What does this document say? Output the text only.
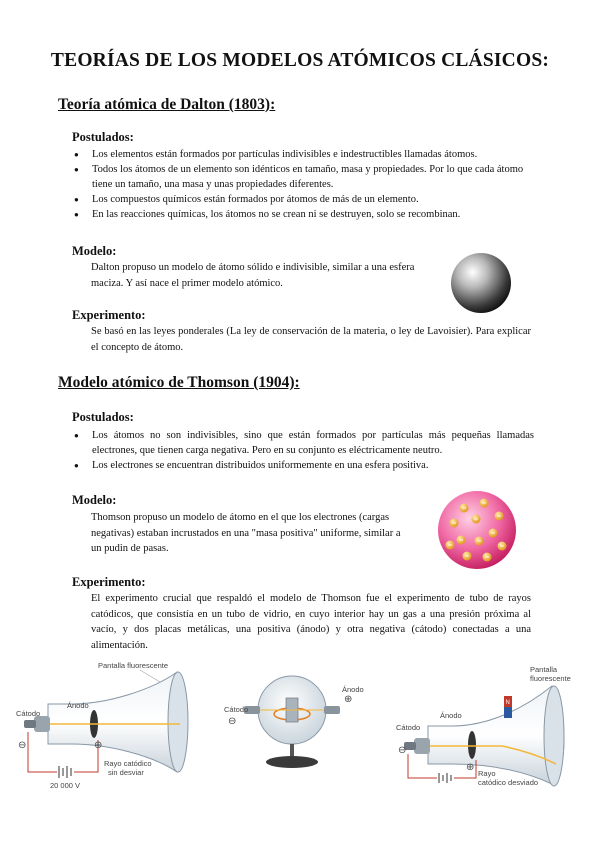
TEORÍAS DE LOS MODELOS ATÓMICOS CLÁSICOS:
Teoría atómica de Dalton (1803):
Postulados:
● Los elementos están formados por partículas indivisibles e indestructibles llamadas átomos.
● Todos los átomos de un elemento son idénticos en tamaño, masa y propiedades. Por lo que cada átomo tiene un tamaño, una masa y unas propiedades diferentes.
● Los compuestos químicos están formados por átomos de más de un elemento.
● En las reacciones químicas, los átomos no se crean ni se destruyen, solo se recombinan.
Modelo:

Dalton propuso un modelo de átomo sólido e indivisible, similar a una esfera maciza. Y así nace el primer modelo atómico.

Experimento:

Se basó en las leyes ponderales (La ley de conservación de la materia, o ley de Lavoisier). Para explicar el concepto de átomo.

Modelo atómico de Thomson (1904):
Postulados:
● Los átomos no son indivisibles, sino que están formados por partículas más pequeñas llamadas electrones, que tienen carga negativa. Pero en su conjunto es eléctricamente neutro.
● Los electrones se encuentran distribuidos uniformemente en una esfera positiva.
Modelo:

Thomson propuso un modelo de átomo en el que los electrones (cargas negativas) estaban incrustados en una "masa positiva" uniforme, similar a un pudin de pasas.

Experimento:

El experimento crucial que respaldó el modelo de Thomson fue el experimento de tubo de rayos catódicos, que consistía en un tubo de vidrio, en cuyo interior hay un gas a una presión próxima al vacío, y dos placas metálicas, una positiva (ánodo) y otra negativa (cátodo) conectadas a una alimentación.

Pantalla fluorescente
Ánodo
Cátodo
⊖	⊕
Rayo catódico
sin desviar
20 000 V
Cátodo
⊖
⊕
Ánodo
N
Pantalla
fluorescente
Ánodo
Cátodo
⊖
⊕
Rayo
catódico desviado
